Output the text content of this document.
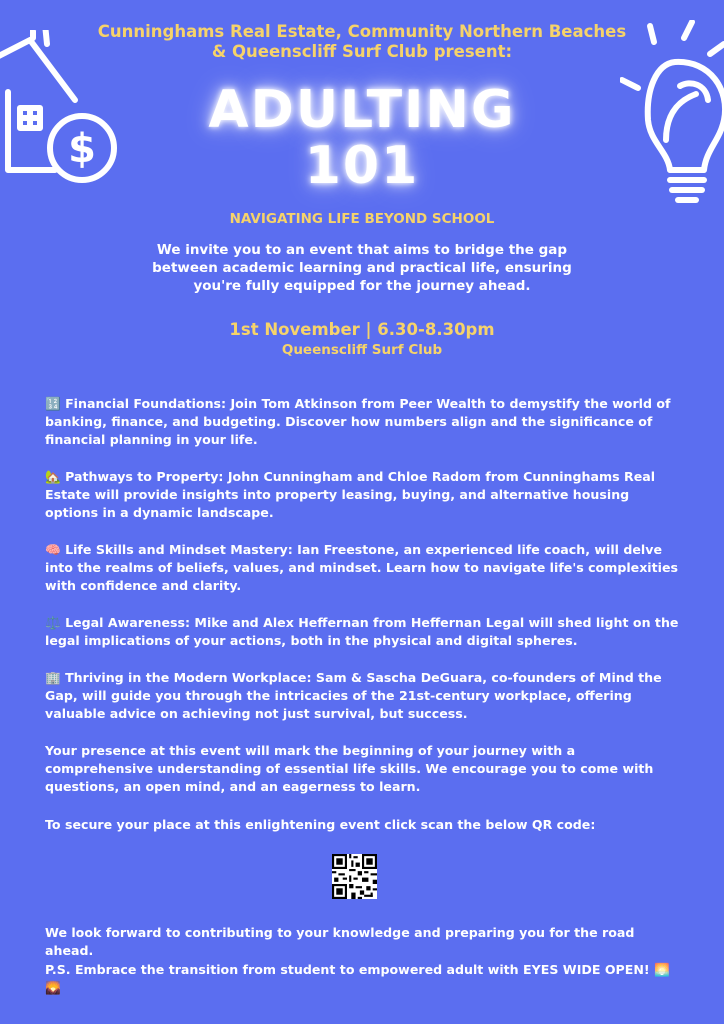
$
Cunninghams Real Estate, Community Northern Beaches
& Queenscliff Surf Club present:
ADULTING
101
NAVIGATING LIFE BEYOND SCHOOL
We invite you to an event that aims to bridge the gap between academic learning and practical life, ensuring you're fully equipped for the journey ahead.
1st November | 6.30-8.30pm
Queenscliff Surf Club
🔢 Financial Foundations: Join Tom Atkinson from Peer Wealth to demystify the world of banking, finance, and budgeting. Discover how numbers align and the significance of financial planning in your life.
🏡 Pathways to Property: John Cunningham and Chloe Radom from Cunninghams Real Estate will provide insights into property leasing, buying, and alternative housing options in a dynamic landscape.
🧠 Life Skills and Mindset Mastery: Ian Freestone, an experienced life coach, will delve into the realms of beliefs, values, and mindset. Learn how to navigate life's complexities with confidence and clarity.
⚖️ Legal Awareness: Mike and Alex Heffernan from Heffernan Legal will shed light on the legal implications of your actions, both in the physical and digital spheres.
🏢 Thriving in the Modern Workplace: Sam & Sascha DeGuara, co-founders of Mind the Gap, will guide you through the intricacies of the 21st-century workplace, offering valuable advice on achieving not just survival, but success.
Your presence at this event will mark the beginning of your journey with a comprehensive understanding of essential life skills. We encourage you to come with questions, an open mind, and an eagerness to learn.
To secure your place at this enlightening event click scan the below QR code:
We look forward to contributing to your knowledge and preparing you for the road ahead.
P.S. Embrace the transition from student to empowered adult with EYES WIDE OPEN! 🌅🌄
